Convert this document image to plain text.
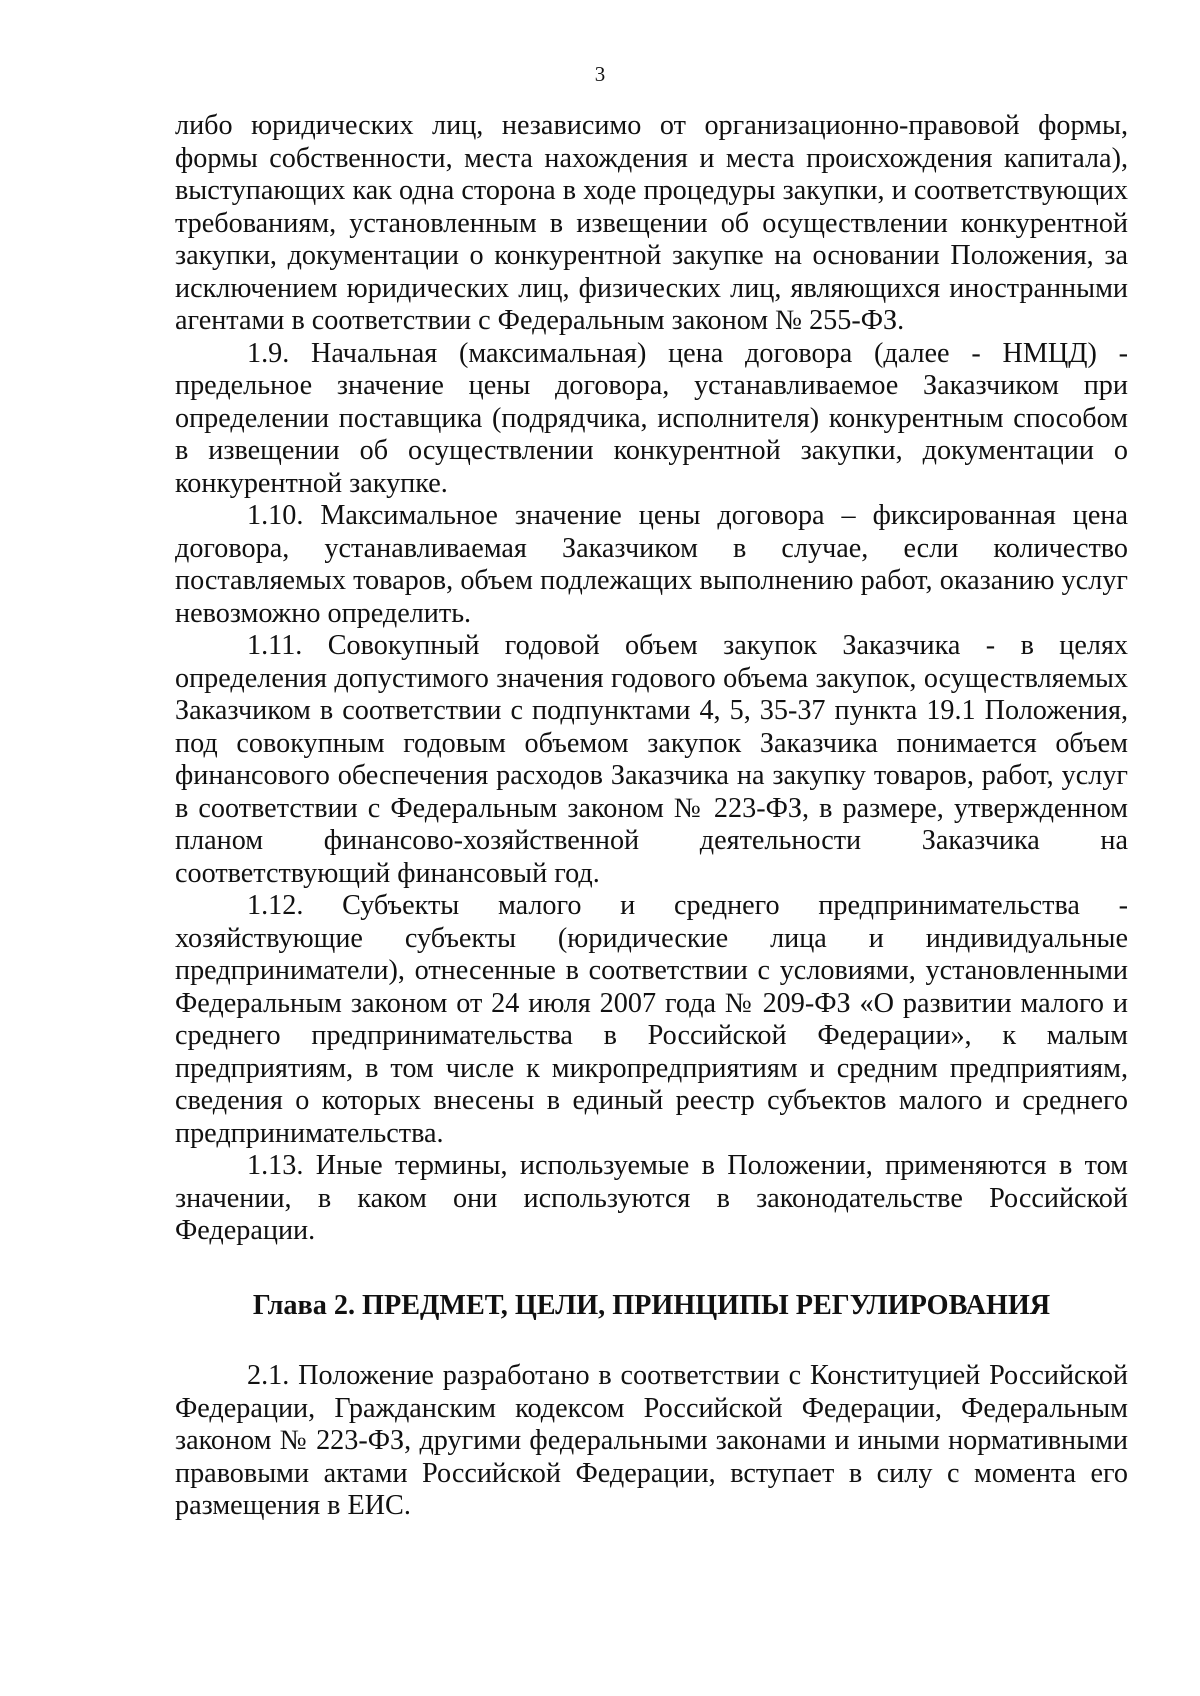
3

либо юридических лиц, независимо от организационно-правовой формы, формы собственности, места нахождения и места происхождения капитала), выступающих как одна сторона в ходе процедуры закупки, и соответствующих требованиям, установленным в извещении об осуществлении конкурентной закупки, документации о конкурентной закупке на основании Положения, за исключением юридических лиц, физических лиц, являющихся иностранными агентами в соответствии с Федеральным законом № 255-ФЗ.

1.9. Начальная (максимальная) цена договора (далее - НМЦД) - предельное значение цены договора, устанавливаемое Заказчиком при определении поставщика (подрядчика, исполнителя) конкурентным способом в извещении об осуществлении конкурентной закупки, документации о конкурентной закупке.

1.10. Максимальное значение цены договора – фиксированная цена договора, устанавливаемая Заказчиком в случае, если количество поставляемых товаров, объем подлежащих выполнению работ, оказанию услуг невозможно определить.

1.11. Совокупный годовой объем закупок Заказчика - в целях определения допустимого значения годового объема закупок, осуществляемых Заказчиком в соответствии с подпунктами 4, 5, 35-37 пункта 19.1 Положения, под совокупным годовым объемом закупок Заказчика понимается объем финансового обеспечения расходов Заказчика на закупку товаров, работ, услуг в соответствии с Федеральным законом № 223-ФЗ, в размере, утвержденном планом финансово-хозяйственной деятельности Заказчика на соответствующий финансовый год.

1.12. Субъекты малого и среднего предпринимательства - хозяйствующие субъекты (юридические лица и индивидуальные предприниматели), отнесенные в соответствии с условиями, установленными Федеральным законом от 24 июля 2007 года № 209-ФЗ «О развитии малого и среднего предпринимательства в Российской Федерации», к малым предприятиям, в том числе к микропредприятиям и средним предприятиям, сведения о которых внесены в единый реестр субъектов малого и среднего предпринимательства.

1.13. Иные термины, используемые в Положении, применяются в том значении, в каком они используются в законодательстве Российской Федерации.

Глава 2. ПРЕДМЕТ, ЦЕЛИ, ПРИНЦИПЫ РЕГУЛИРОВАНИЯ

2.1. Положение разработано в соответствии с Конституцией Российской Федерации, Гражданским кодексом Российской Федерации, Федеральным законом № 223-ФЗ, другими федеральными законами и иными нормативными правовыми актами Российской Федерации, вступает в силу с момента его размещения в ЕИС.
